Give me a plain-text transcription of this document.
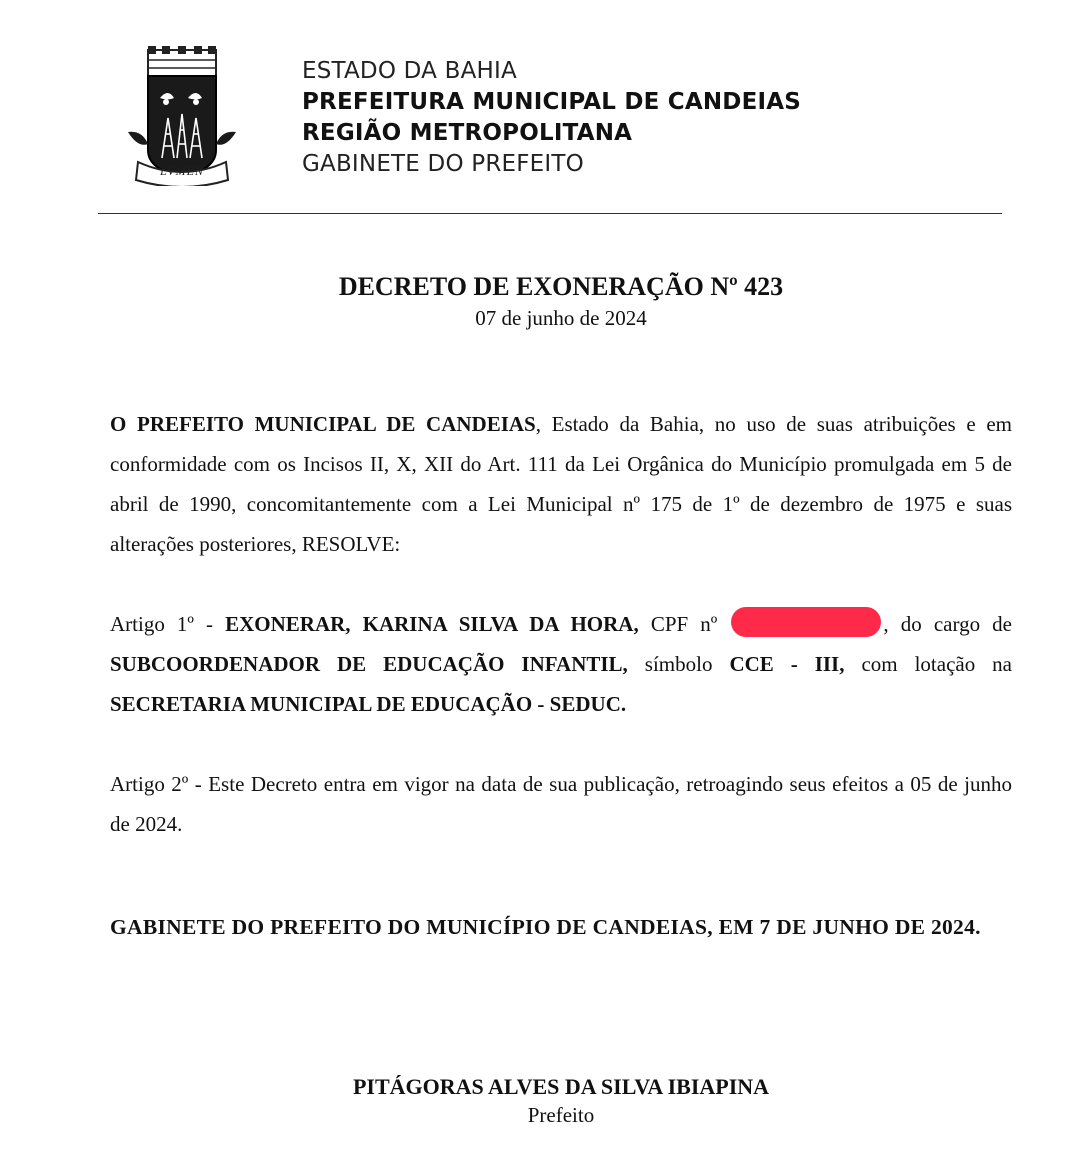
LVMEN
ESTADO DA BAHIA
PREFEITURA MUNICIPAL DE CANDEIAS
REGIÃO METROPOLITANA
GABINETE DO PREFEITO
DECRETO DE EXONERAÇÃO Nº 423
07 de junho de 2024
O PREFEITO MUNICIPAL DE CANDEIAS, Estado da Bahia, no uso de suas atribuições e em conformidade com os Incisos II, X, XII do Art. 111 da Lei Orgânica do Município promulgada em 5 de abril de 1990, concomitantemente com a Lei Municipal nº 175 de 1º de dezembro de 1975 e suas alterações posteriores, RESOLVE:
Artigo 1º - EXONERAR, KARINA SILVA DA HORA, CPF nº	, do cargo de SUBCOORDENADOR DE EDUCAÇÃO INFANTIL, símbolo CCE - III, com lotação na SECRETARIA MUNICIPAL DE EDUCAÇÃO - SEDUC.
Artigo 2º - Este Decreto entra em vigor na data de sua publicação, retroagindo seus efeitos a 05 de junho de 2024.
GABINETE DO PREFEITO DO MUNICÍPIO DE CANDEIAS, EM 7 DE JUNHO DE 2024.
PITÁGORAS ALVES DA SILVA IBIAPINA
Prefeito
